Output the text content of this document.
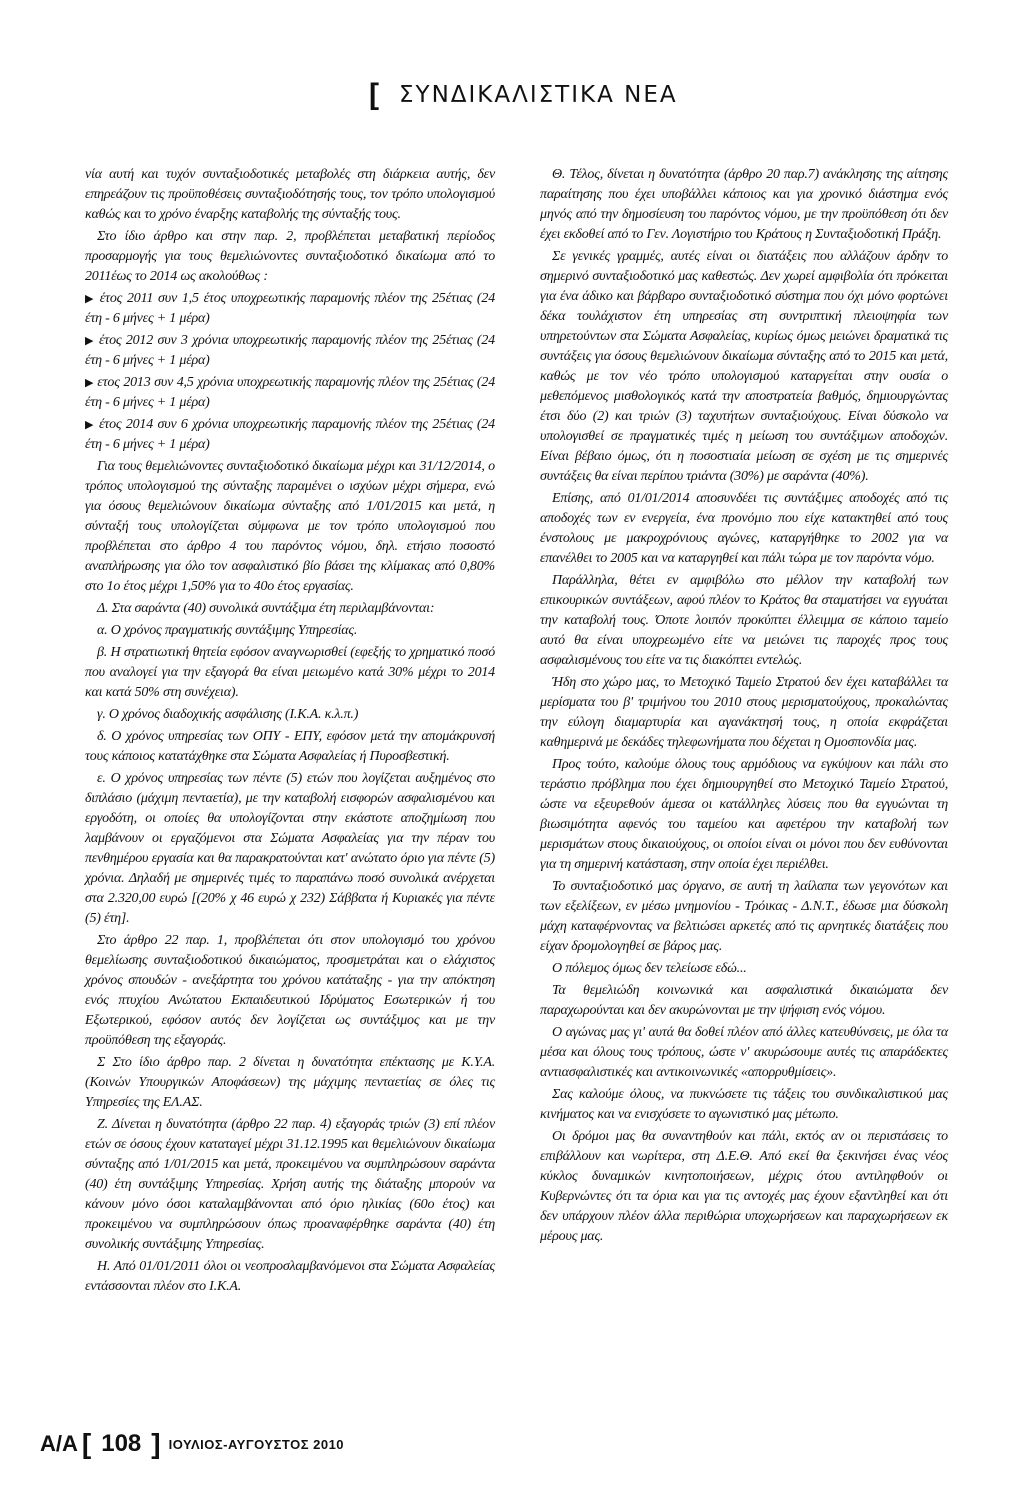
[ ΣΥΝΔΙΚΑΛΙΣΤΙΚΑ ΝΕΑ

νία αυτή και τυχόν συνταξιοδοτικές μεταβολές στη διάρκεια αυτής, δεν επηρεάζουν τις προϋποθέσεις συνταξιοδότησής τους, τον τρόπο υπολογισμού καθώς και το χρόνο έναρξης καταβολής της σύνταξής τους.

Στο ίδιο άρθρο και στην παρ. 2, προβλέπεται μεταβατική περίοδος προσαρμογής για τους θεμελιώνοντες συνταξιοδοτικό δικαίωμα από το 2011έως το 2014 ως ακολούθως :

▶ έτος 2011 συν 1,5 έτος υποχρεωτικής παραμονής πλέον της 25έτιας (24 έτη - 6 μήνες + 1 μέρα)

▶ έτος 2012 συν 3 χρόνια υποχρεωτικής παραμονής πλέον της 25έτιας (24 έτη - 6 μήνες + 1 μέρα)

▶ ετος 2013 συν 4,5 χρόνια υποχρεωτικής παραμονής πλέον της 25έτιας (24 έτη - 6 μήνες + 1 μέρα)

▶ έτος 2014 συν 6 χρόνια υποχρεωτικής παραμονής πλέον της 25έτιας (24 έτη - 6 μήνες + 1 μέρα)

Για τους θεμελιώνοντες συνταξιοδοτικό δικαίωμα μέχρι και 31/12/2014, ο τρόπος υπολογισμού της σύνταξης παραμένει ο ισχύων μέχρι σήμερα, ενώ για όσους θεμελιώνουν δικαίωμα σύνταξης από 1/01/2015 και μετά, η σύνταξή τους υπολογίζεται σύμφωνα με τον τρόπο υπολογισμού που προβλέπεται στο άρθρο 4 του παρόντος νόμου, δηλ. ετήσιο ποσοστό αναπλήρωσης για όλο τον ασφαλιστικό βίο βάσει της κλίμακας από 0,80% στο 1ο έτος μέχρι 1,50% για το 40ο έτος εργασίας.

Δ. Στα σαράντα (40) συνολικά συντάξιμα έτη περιλαμβάνονται:

α. Ο χρόνος πραγματικής συντάξιμης Υπηρεσίας.

β. Η στρατιωτική θητεία εφόσον αναγνωρισθεί (εφεξής το χρηματικό ποσό που αναλογεί για την εξαγορά θα είναι μειωμένο κατά 30% μέχρι το 2014 και κατά 50% στη συνέχεια).

γ. Ο χρόνος διαδοχικής ασφάλισης (Ι.Κ.Α. κ.λ.π.)

δ. Ο χρόνος υπηρεσίας των ΟΠΥ - ΕΠΥ, εφόσον μετά την απομάκρυνσή τους κάποιος κατατάχθηκε στα Σώματα Ασφαλείας ή Πυροσβεστική.

ε. Ο χρόνος υπηρεσίας των πέντε (5) ετών που λογίζεται αυξημένος στο διπλάσιο (μάχιμη πενταετία), με την καταβολή εισφορών ασφαλισμένου και εργοδότη, οι οποίες θα υπολογίζονται στην εκάστοτε αποζημίωση που λαμβάνουν οι εργαζόμενοι στα Σώματα Ασφαλείας για την πέραν του πενθημέρου εργασία και θα παρακρατούνται κατ' ανώτατο όριο για πέντε (5) χρόνια. Δηλαδή με σημερινές τιμές το παραπάνω ποσό συνολικά ανέρχεται στα 2.320,00 ευρώ [(20% χ 46 ευρώ χ 232) Σάββατα ή Κυριακές για πέντε (5) έτη].

Στο άρθρο 22 παρ. 1, προβλέπεται ότι στον υπολογισμό του χρόνου θεμελίωσης συνταξιοδοτικού δικαιώματος, προσμετράται και ο ελάχιστος χρόνος σπουδών - ανεξάρτητα του χρόνου κατάταξης - για την απόκτηση ενός πτυχίου Ανώτατου Εκπαιδευτικού Ιδρύματος Εσωτερικών ή του Εξωτερικού, εφόσον αυτός δεν λογίζεται ως συντάξιμος και με την προϋπόθεση της εξαγοράς.

Σ Στο ίδιο άρθρο παρ. 2 δίνεται η δυνατότητα επέκτασης με Κ.Υ.Α. (Κοινών Υπουργικών Αποφάσεων) της μάχιμης πενταετίας σε όλες τις Υπηρεσίες της ΕΛ.ΑΣ.

Ζ. Δίνεται η δυνατότητα (άρθρο 22 παρ. 4) εξαγοράς τριών (3) επί πλέον ετών σε όσους έχουν καταταγεί μέχρι 31.12.1995 και θεμελιώνουν δικαίωμα σύνταξης από 1/01/2015 και μετά, προκειμένου να συμπληρώσουν σαράντα (40) έτη συντάξιμης Υπηρεσίας. Χρήση αυτής της διάταξης μπορούν να κάνουν μόνο όσοι καταλαμβάνονται από όριο ηλικίας (60ο έτος) και προκειμένου να συμπληρώσουν όπως προαναφέρθηκε σαράντα (40) έτη συνολικής συντάξιμης Υπηρεσίας.

Η. Από 01/01/2011 όλοι οι νεοπροσλαμβανόμενοι στα Σώματα Ασφαλείας εντάσσονται πλέον στο Ι.Κ.Α.

Θ. Τέλος, δίνεται η δυνατότητα (άρθρο 20 παρ.7) ανάκλησης της αίτησης παραίτησης που έχει υποβάλλει κάποιος και για χρονικό διάστημα ενός μηνός από την δημοσίευση του παρόντος νόμου, με την προϋπόθεση ότι δεν έχει εκδοθεί από το Γεν. Λογιστήριο του Κράτους η Συνταξιοδοτική Πράξη.

Σε γενικές γραμμές, αυτές είναι οι διατάξεις που αλλάζουν άρδην το σημερινό συνταξιοδοτικό μας καθεστώς. Δεν χωρεί αμφιβολία ότι πρόκειται για ένα άδικο και βάρβαρο συνταξιοδοτικό σύστημα που όχι μόνο φορτώνει δέκα τουλάχιστον έτη υπηρεσίας στη συντριπτική πλειοψηφία των υπηρετούντων στα Σώματα Ασφαλείας, κυρίως όμως μειώνει δραματικά τις συντάξεις για όσους θεμελιώνουν δικαίωμα σύνταξης από το 2015 και μετά, καθώς με τον νέο τρόπο υπολογισμού καταργείται στην ουσία ο μεθεπόμενος μισθολογικός κατά την αποστρατεία βαθμός, δημιουργώντας έτσι δύο (2) και τριών (3) ταχυτήτων συνταξιούχους. Είναι δύσκολο να υπολογισθεί σε πραγματικές τιμές η μείωση του συντάξιμων αποδοχών. Είναι βέβαιο όμως, ότι η ποσοστιαία μείωση σε σχέση με τις σημερινές συντάξεις θα είναι περίπου τριάντα (30%) με σαράντα (40%).

Επίσης, από 01/01/2014 αποσυνδέει τις συντάξιμες αποδοχές από τις αποδοχές των εν ενεργεία, ένα προνόμιο που είχε κατακτηθεί από τους ένστολους με μακροχρόνιους αγώνες, καταργήθηκε το 2002 για να επανέλθει το 2005 και να καταργηθεί και πάλι τώρα με τον παρόντα νόμο.

Παράλληλα, θέτει εν αμφιβόλω στο μέλλον την καταβολή των επικουρικών συντάξεων, αφού πλέον το Κράτος θα σταματήσει να εγγυάται την καταβολή τους. Όποτε λοιπόν προκύπτει έλλειμμα σε κάποιο ταμείο αυτό θα είναι υποχρεωμένο είτε να μειώνει τις παροχές προς τους ασφαλισμένους του είτε να τις διακόπτει εντελώς.

Ήδη στο χώρο μας, το Μετοχικό Ταμείο Στρατού δεν έχει καταβάλλει τα μερίσματα του β' τριμήνου του 2010 στους μερισματούχους, προκαλώντας την εύλογη διαμαρτυρία και αγανάκτησή τους, η οποία εκφράζεται καθημερινά με δεκάδες τηλεφωνήματα που δέχεται η Ομοσπονδία μας.

Προς τούτο, καλούμε όλους τους αρμόδιους να εγκύψουν και πάλι στο τεράστιο πρόβλημα που έχει δημιουργηθεί στο Μετοχικό Ταμείο Στρατού, ώστε να εξευρεθούν άμεσα οι κατάλληλες λύσεις που θα εγγυώνται τη βιωσιμότητα αφενός του ταμείου και αφετέρου την καταβολή των μερισμάτων στους δικαιούχους, οι οποίοι είναι οι μόνοι που δεν ευθύνονται για τη σημερινή κατάσταση, στην οποία έχει περιέλθει.

Το συνταξιοδοτικό μας όργανο, σε αυτή τη λαίλαπα των γεγονότων και των εξελίξεων, εν μέσω μνημονίου - Τρόικας - Δ.Ν.Τ., έδωσε μια δύσκολη μάχη καταφέρνοντας να βελτιώσει αρκετές από τις αρνητικές διατάξεις που είχαν δρομολογηθεί σε βάρος μας.

Ο πόλεμος όμως δεν τελείωσε εδώ...

Τα θεμελιώδη κοινωνικά και ασφαλιστικά δικαιώματα δεν παραχωρούνται και δεν ακυρώνονται με την ψήφιση ενός νόμου.

Ο αγώνας μας γι' αυτά θα δοθεί πλέον από άλλες κατευθύνσεις, με όλα τα μέσα και όλους τους τρόπους, ώστε ν' ακυρώσουμε αυτές τις απαράδεκτες αντιασφαλιστικές και αντικοινωνικές «απορρυθμίσεις».

Σας καλούμε όλους, να πυκνώσετε τις τάξεις του συνδικαλιστικού μας κινήματος και να ενισχύσετε το αγωνιστικό μας μέτωπο.

Οι δρόμοι μας θα συναντηθούν και πάλι, εκτός αν οι περιστάσεις το επιβάλλουν και νωρίτερα, στη Δ.Ε.Θ. Από εκεί θα ξεκινήσει ένας νέος κύκλος δυναμικών κινητοποιήσεων, μέχρις ότου αντιληφθούν οι Κυβερνώντες ότι τα όρια και για τις αντοχές μας έχουν εξαντληθεί και ότι δεν υπάρχουν πλέον άλλα περιθώρια υποχωρήσεων και παραχωρήσεων εκ μέρους μας.

Α/Α [ 108 ] ΙΟΥΛΙΟΣ-ΑΥΓΟΥΣΤΟΣ 2010
